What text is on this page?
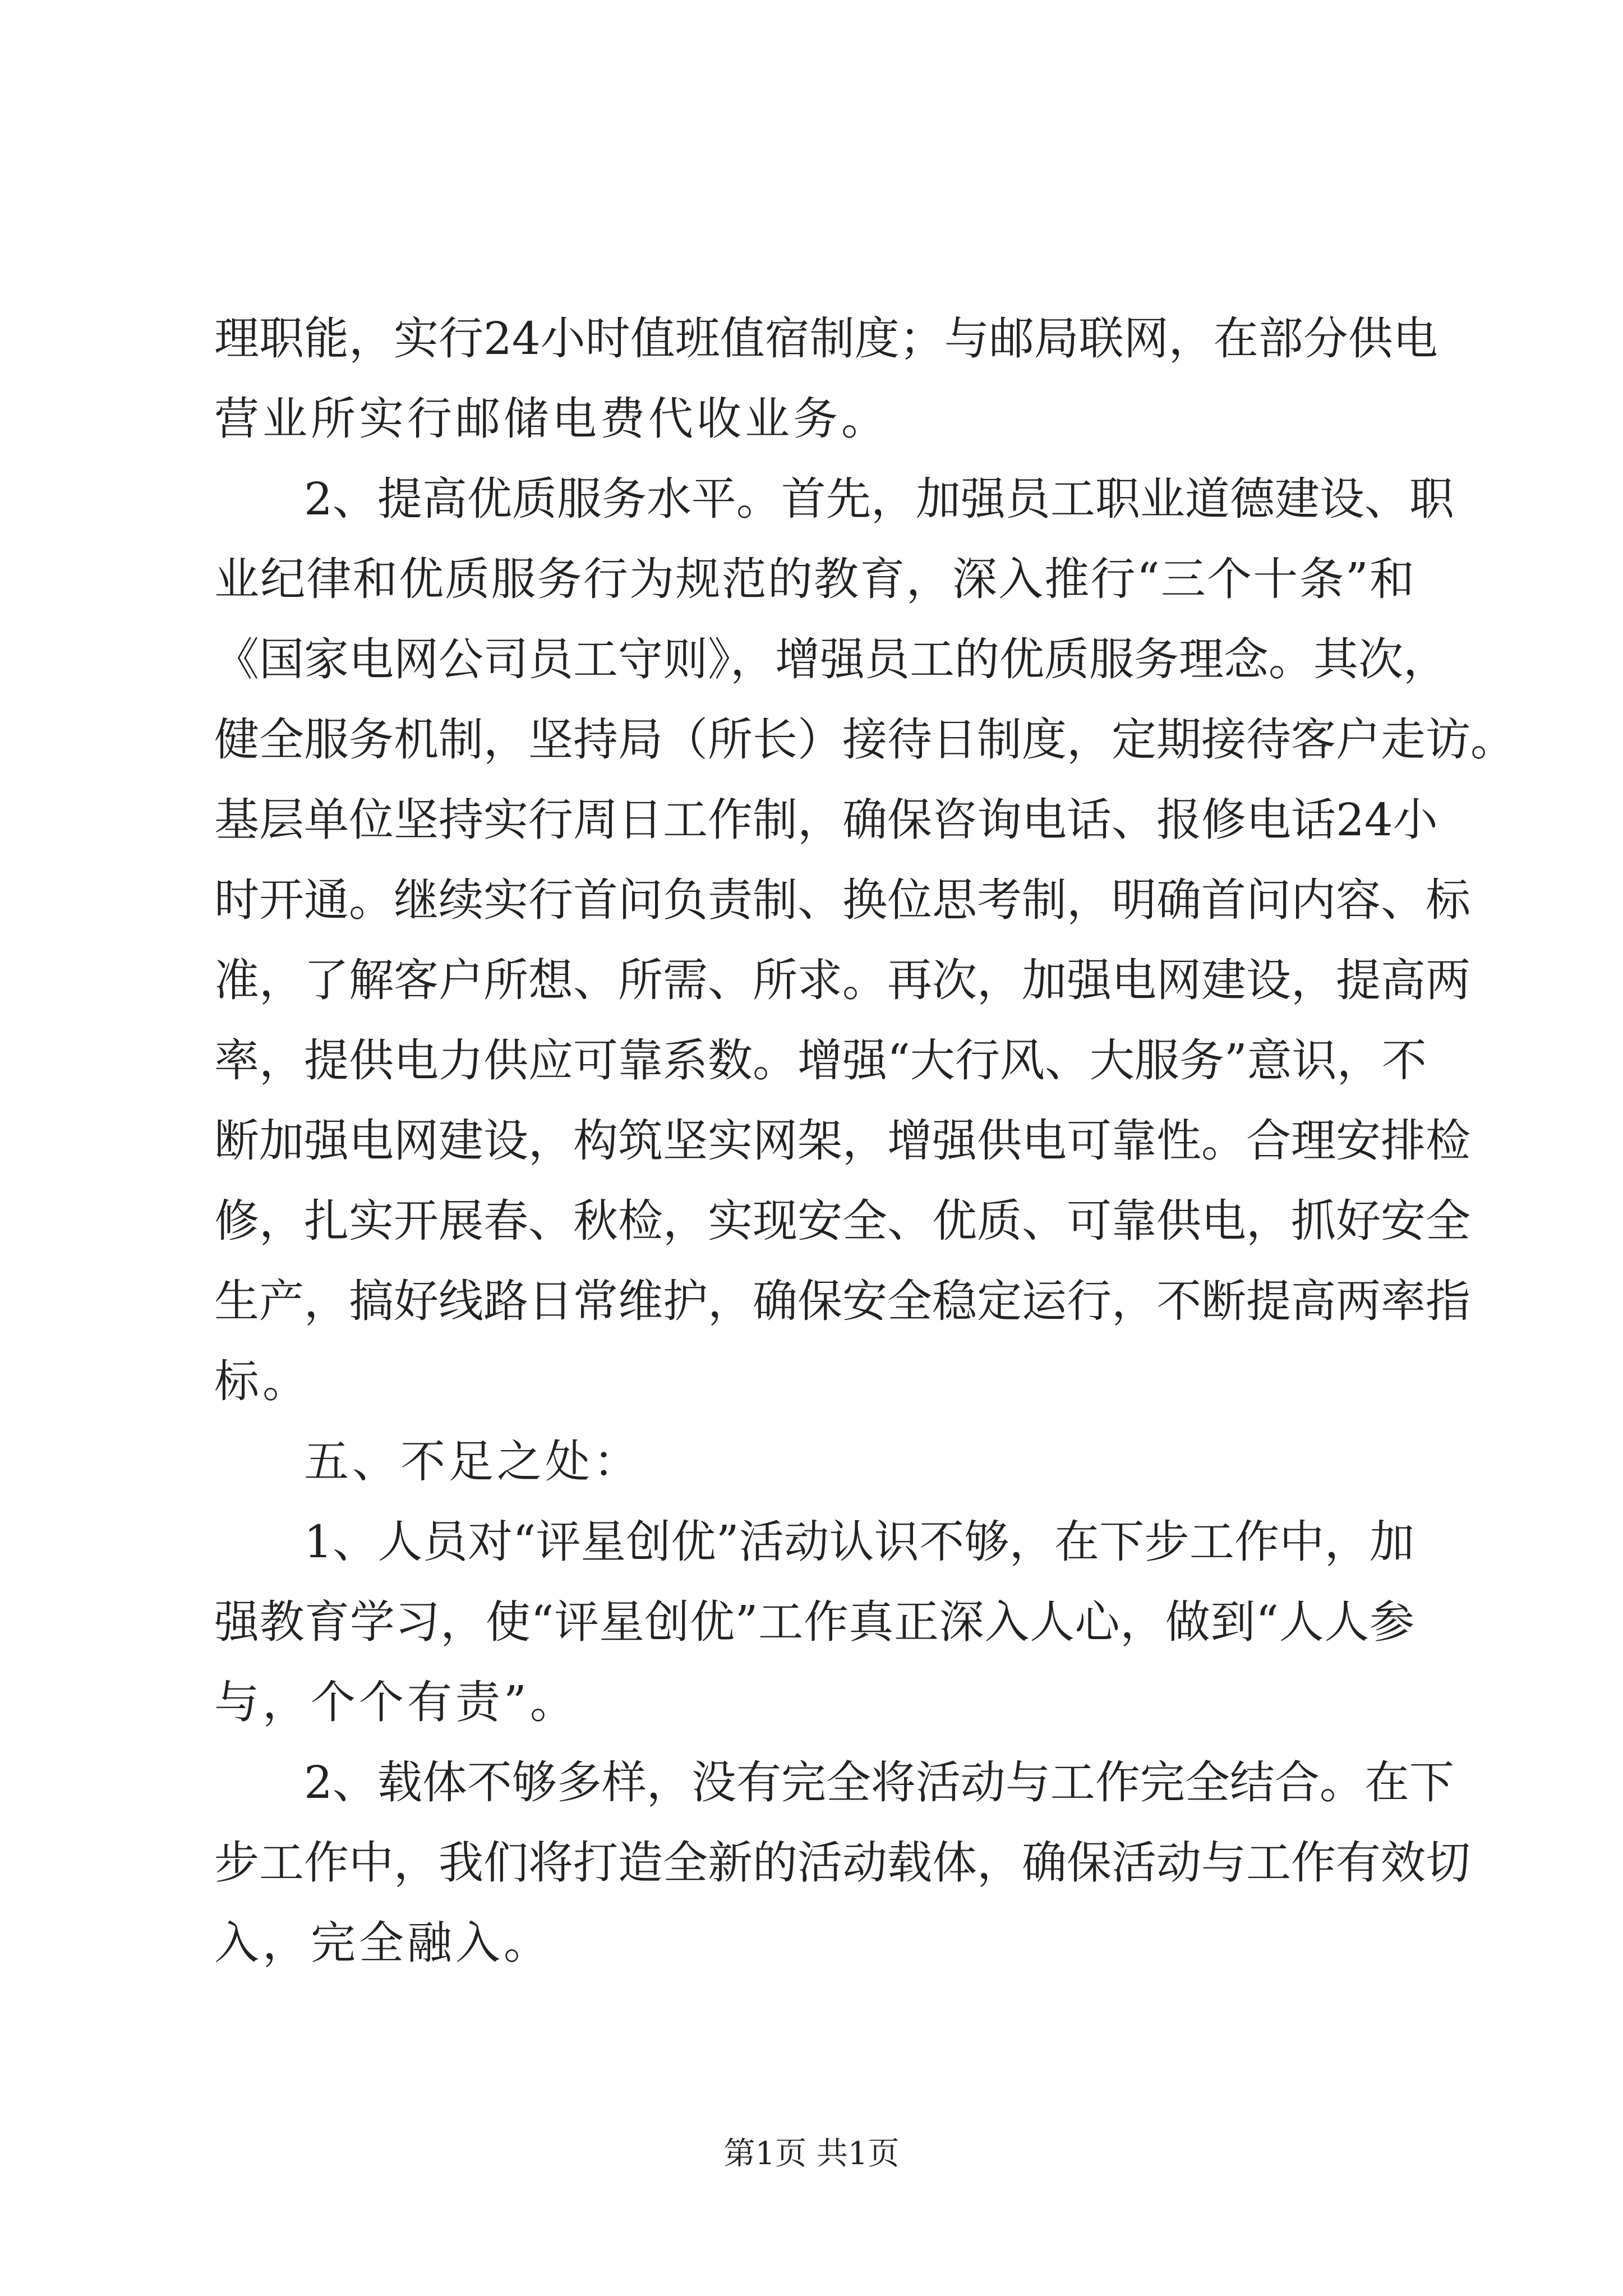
理职能，实行24小时值班值宿制度；与邮局联网，在部分供电
营业所实行邮储电费代收业务。
2、提高优质服务水平。首先，加强员工职业道德建设、职
业纪律和优质服务行为规范的教育，深入推行“三个十条”和
《国家电网公司员工守则》，增强员工的优质服务理念。其次，
健全服务机制，坚持局（所长）接待日制度，定期接待客户走访。
基层单位坚持实行周日工作制，确保咨询电话、报修电话24小
时开通。继续实行首问负责制、换位思考制，明确首问内容、标
准，了解客户所想、所需、所求。再次，加强电网建设，提高两
率，提供电力供应可靠系数。增强“大行风、大服务”意识，不
断加强电网建设，构筑坚实网架，增强供电可靠性。合理安排检
修，扎实开展春、秋检，实现安全、优质、可靠供电，抓好安全
生产，搞好线路日常维护，确保安全稳定运行，不断提高两率指
标。
五、不足之处：
1、人员对“评星创优”活动认识不够，在下步工作中，加
强教育学习，使“评星创优”工作真正深入人心，做到“人人参
与，个个有责”。
2、载体不够多样，没有完全将活动与工作完全结合。在下
步工作中，我们将打造全新的活动载体，确保活动与工作有效切
入，完全融入。
第1页 共1页
